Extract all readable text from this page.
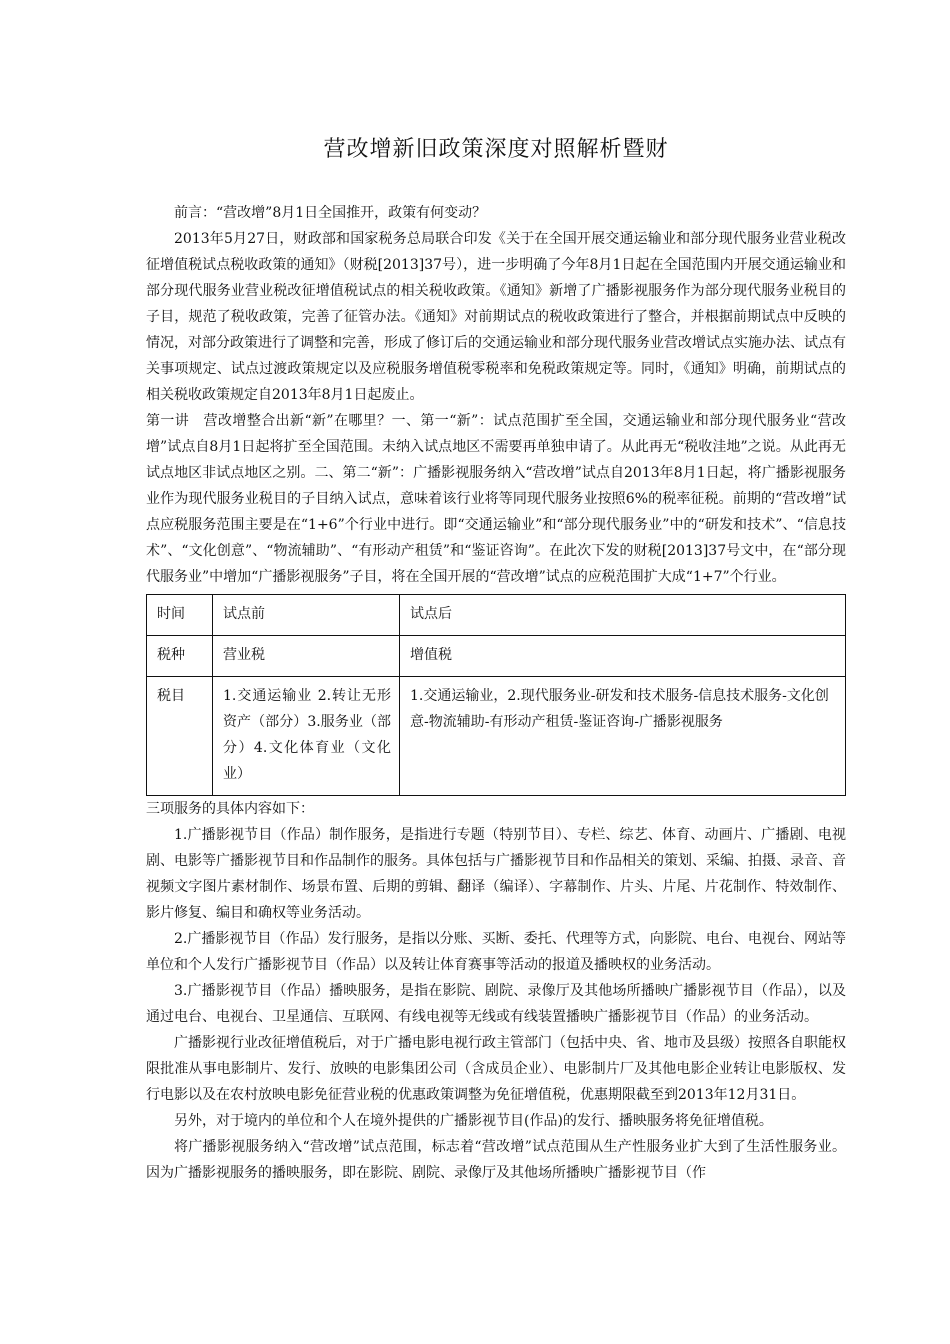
营改增新旧政策深度对照解析暨财

前言：“营改增”8月1日全国推开，政策有何变动？

2013年5月27日，财政部和国家税务总局联合印发《关于在全国开展交通运输业和部分现代服务业营业税改征增值税试点税收政策的通知》（财税[2013]37号），进一步明确了今年8月1日起在全国范围内开展交通运输业和部分现代服务业营业税改征增值税试点的相关税收政策。《通知》新增了广播影视服务作为部分现代服务业税目的子目，规范了税收政策，完善了征管办法。《通知》对前期试点的税收政策进行了整合，并根据前期试点中反映的情况，对部分政策进行了调整和完善，形成了修订后的交通运输业和部分现代服务业营改增试点实施办法、试点有关事项规定、试点过渡政策规定以及应税服务增值税零税率和免税政策规定等。同时，《通知》明确，前期试点的相关税收政策规定自2013年8月1日起废止。

第一讲　营改增整合出新“新”在哪里？一、第一“新”：试点范围扩至全国，交通运输业和部分现代服务业“营改增”试点自8月1日起将扩至全国范围。未纳入试点地区不需要再单独申请了。从此再无“税收洼地”之说。从此再无试点地区非试点地区之别。二、第二“新”：广播影视服务纳入“营改增”试点自2013年8月1日起，将广播影视服务业作为现代服务业税目的子目纳入试点，意味着该行业将等同现代服务业按照6%的税率征税。前期的“营改增”试点应税服务范围主要是在“1+6”个行业中进行。即“交通运输业”和“部分现代服务业”中的“研发和技术”、“信息技术”、“文化创意”、“物流辅助”、“有形动产租赁”和“鉴证咨询”。在此次下发的财税[2013]37号文中，在“部分现代服务业”中增加“广播影视服务”子目，将在全国开展的“营改增”试点的应税范围扩大成“1+7”个行业。

时间	试点前	试点后
税种	营业税	增值税
税目	1.交通运输业 2.转让无形资产（部分）3.服务业（部分）4.文化体育业（文化业）	1.交通运输业，2.现代服务业-研发和技术服务-信息技术服务-文化创意-物流辅助-有形动产租赁-鉴证咨询-广播影视服务

三项服务的具体内容如下：

1.广播影视节目（作品）制作服务，是指进行专题（特别节目）、专栏、综艺、体育、动画片、广播剧、电视剧、电影等广播影视节目和作品制作的服务。具体包括与广播影视节目和作品相关的策划、采编、拍摄、录音、音视频文字图片素材制作、场景布置、后期的剪辑、翻译（编译）、字幕制作、片头、片尾、片花制作、特效制作、影片修复、编目和确权等业务活动。

2.广播影视节目（作品）发行服务，是指以分账、买断、委托、代理等方式，向影院、电台、电视台、网站等单位和个人发行广播影视节目（作品）以及转让体育赛事等活动的报道及播映权的业务活动。

3.广播影视节目（作品）播映服务，是指在影院、剧院、录像厅及其他场所播映广播影视节目（作品），以及通过电台、电视台、卫星通信、互联网、有线电视等无线或有线装置播映广播影视节目（作品）的业务活动。

广播影视行业改征增值税后，对于广播电影电视行政主管部门（包括中央、省、地市及县级）按照各自职能权限批准从事电影制片、发行、放映的电影集团公司（含成员企业）、电影制片厂及其他电影企业转让电影版权、发行电影以及在农村放映电影免征营业税的优惠政策调整为免征增值税，优惠期限截至到2013年12月31日。

另外，对于境内的单位和个人在境外提供的广播影视节目(作品)的发行、播映服务将免征增值税。

将广播影视服务纳入“营改增”试点范围，标志着“营改增”试点范围从生产性服务业扩大到了生活性服务业。因为广播影视服务的播映服务，即在影院、剧院、录像厅及其他场所播映广播影视节目（作
